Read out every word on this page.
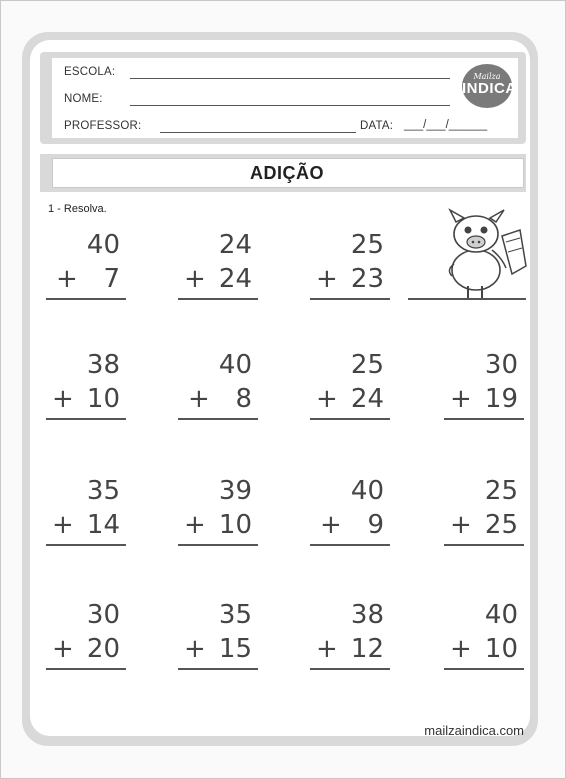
ESCOLA:
NOME:
PROFESSOR:	DATA: ___/___/______
Mailza
INDICA
ADIÇÃO
1 - Resolva.
40
+ 7
24
+ 24
25
+ 23
38
+ 10
40
+ 8
25
+ 24
30
+ 19
35
+ 14
39
+ 10
40
+ 9
25
+ 25
30
+ 20
35
+ 15
38
+ 12
40
+ 10
mailzaindica.com
